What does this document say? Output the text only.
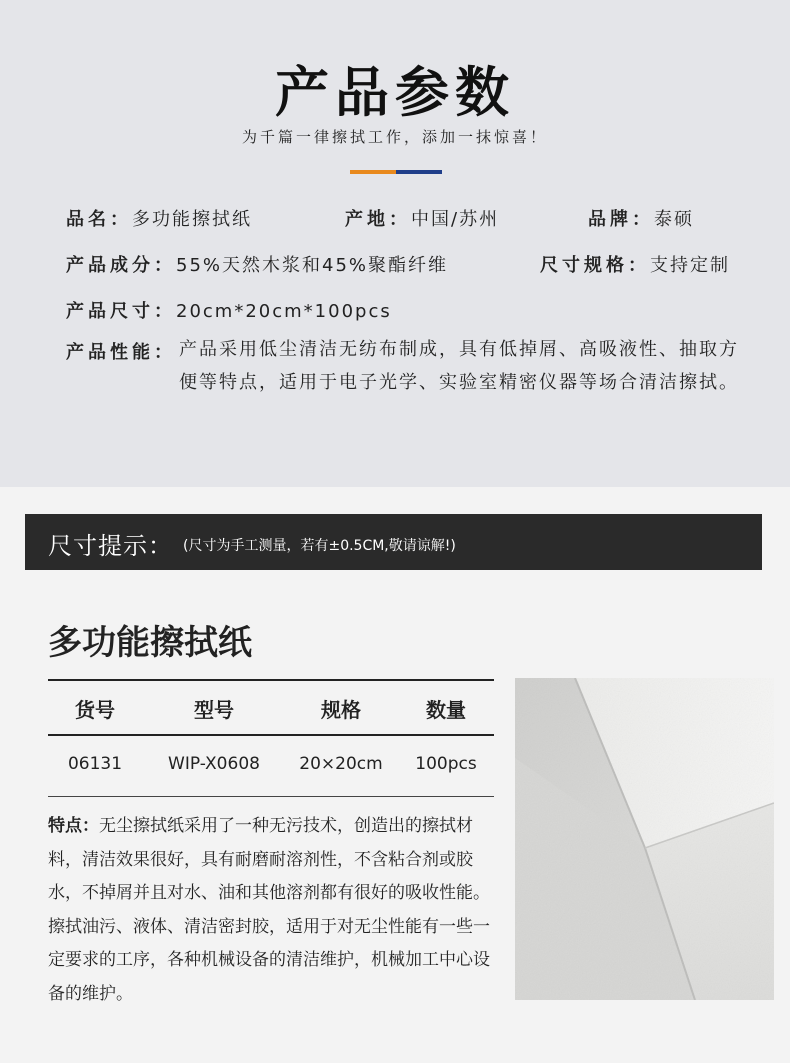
产品参数
为千篇一律擦拭工作，添加一抹惊喜！
品名：多功能擦拭纸	产地：中国/苏州	品牌：泰硕
产品成分：55%天然木浆和45%聚酯纤维	尺寸规格：支持定制
产品尺寸：20cm*20cm*100pcs
产品性能： 产品采用低尘清洁无纺布制成，具有低掉屑、高吸液性、抽取方便等特点，适用于电子光学、实验室精密仪器等场合清洁擦拭。
尺寸提示： (尺寸为手工测量，若有±0.5CM,敬请谅解!)
多功能擦拭纸
货号	型号	规格	数量
06131	WIP-X0608	20×20cm	100pcs
特点：无尘擦拭纸采用了一种无污技术，创造出的擦拭材料，清洁效果很好，具有耐磨耐溶剂性，不含粘合剂或胶水，不掉屑并且对水、油和其他溶剂都有很好的吸收性能。擦拭油污、液体、清洁密封胶，适用于对无尘性能有一些一定要求的工序，各种机械设备的清洁维护，机械加工中心设备的维护。
